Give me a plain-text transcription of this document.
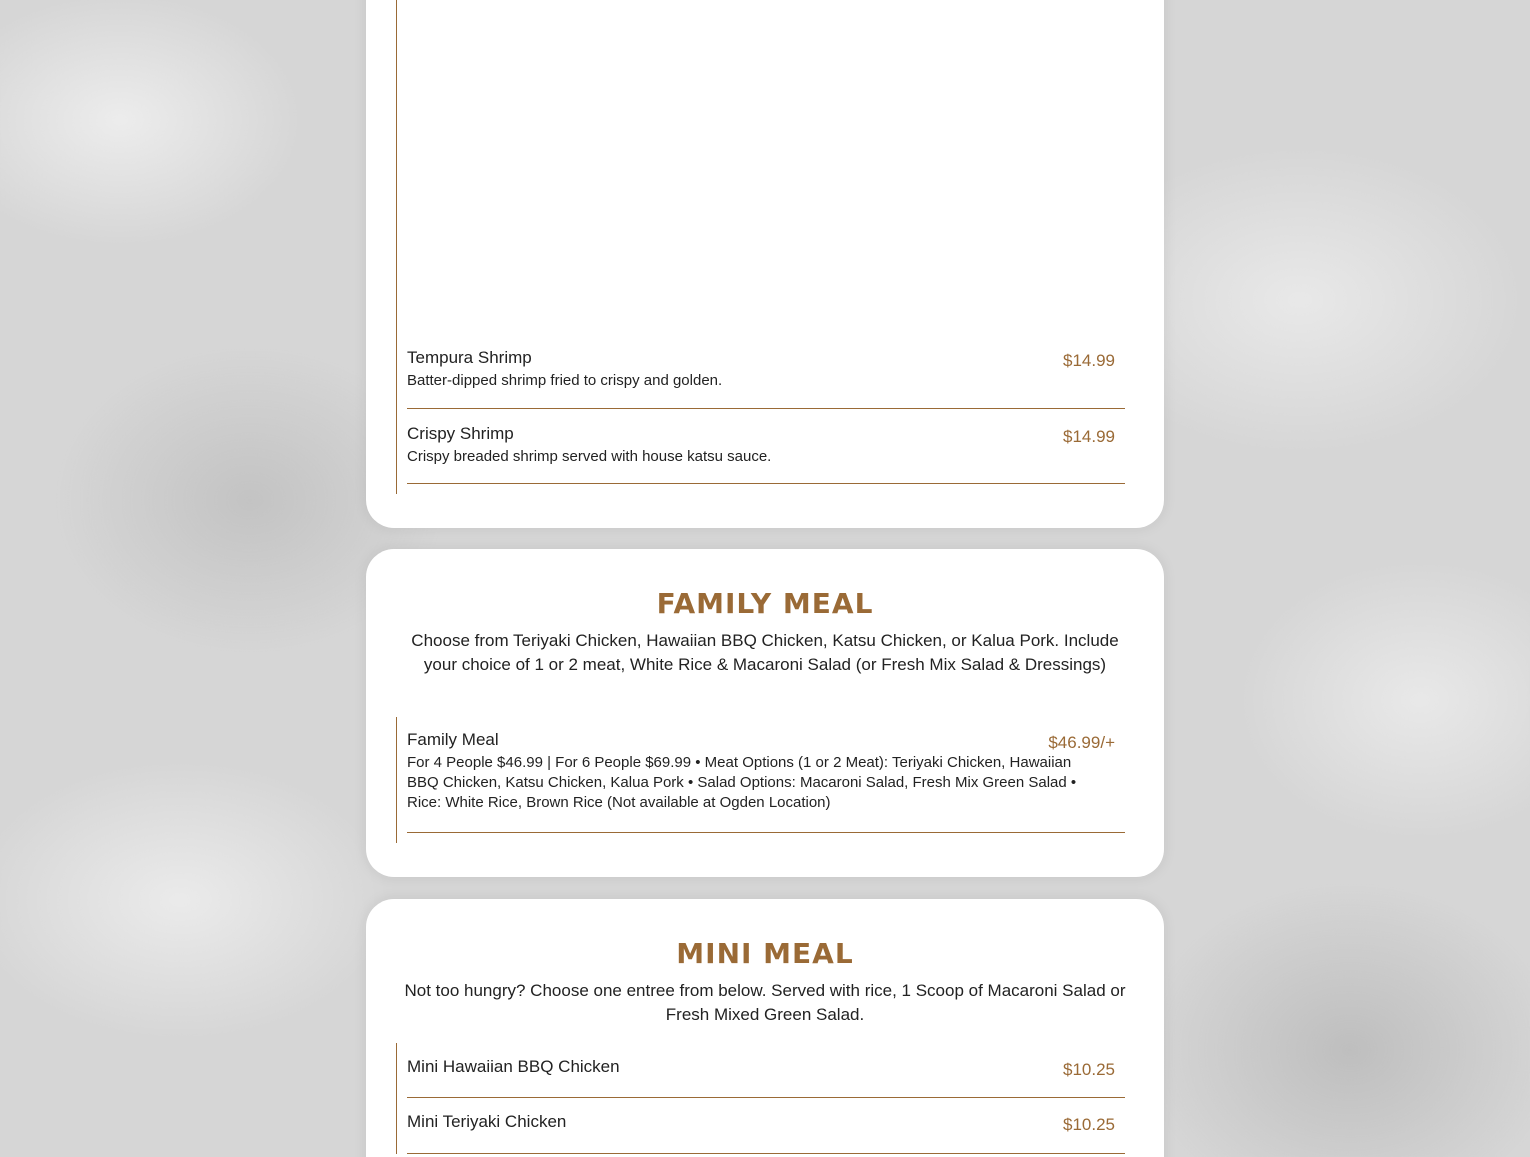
Tempura Shrimp
Batter-dipped shrimp fried to crispy and golden.
$14.99
Crispy Shrimp
Crispy breaded shrimp served with house katsu sauce.
$14.99
FAMILY MEAL

Choose from Teriyaki Chicken, Hawaiian BBQ Chicken, Katsu Chicken, or Kalua Pork. Include your choice of 1 or 2 meat, White Rice & Macaroni Salad (or Fresh Mix Salad & Dressings)

Family Meal
For 4 People $46.99 | For 6 People $69.99 • Meat Options (1 or 2 Meat): Teriyaki Chicken, Hawaiian BBQ Chicken, Katsu Chicken, Kalua Pork • Salad Options: Macaroni Salad, Fresh Mix Green Salad • Rice: White Rice, Brown Rice (Not available at Ogden Location)
$46.99/+
MINI MEAL

Not too hungry? Choose one entree from below. Served with rice, 1 Scoop of Macaroni Salad or Fresh Mixed Green Salad.

Mini Hawaiian BBQ Chicken	$10.25
Mini Teriyaki Chicken	$10.25
